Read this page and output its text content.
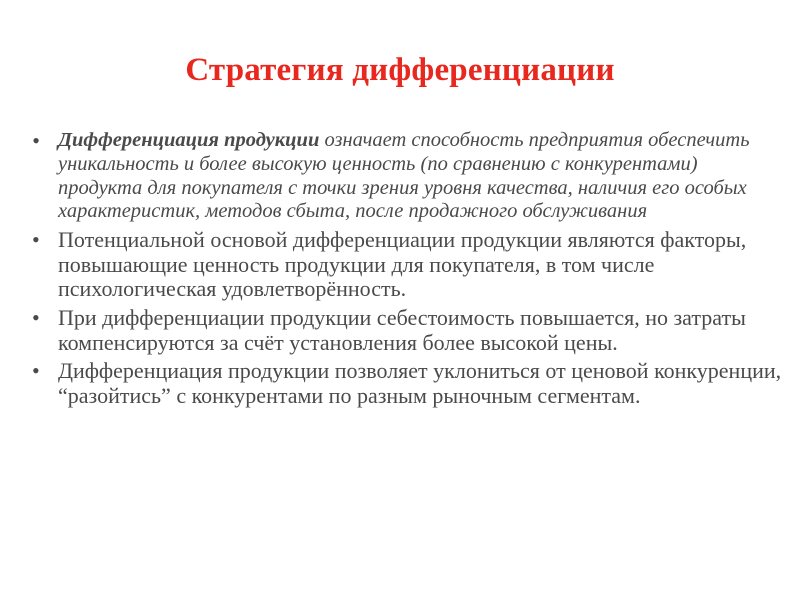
Стратегия дифференциации
• Дифференциация продукции означает способность предприятия обеспечить уникальность и более высокую ценность (по сравнению с конкурентами) продукта для покупателя с точки зрения уровня качества, наличия его особых характеристик, методов сбыта, после продажного обслуживания
• Потенциальной основой дифференциации продукции являются факторы, повышающие ценность продукции для покупателя, в том числе психологическая удовлетворённость.
• При дифференциации продукции себестоимость повышается, но затраты компенсируются за счёт установления более высокой цены.
• Дифференциация продукции позволяет уклониться от ценовой конкуренции, “разойтись” с конкурентами по разным рыночным сегментам.
